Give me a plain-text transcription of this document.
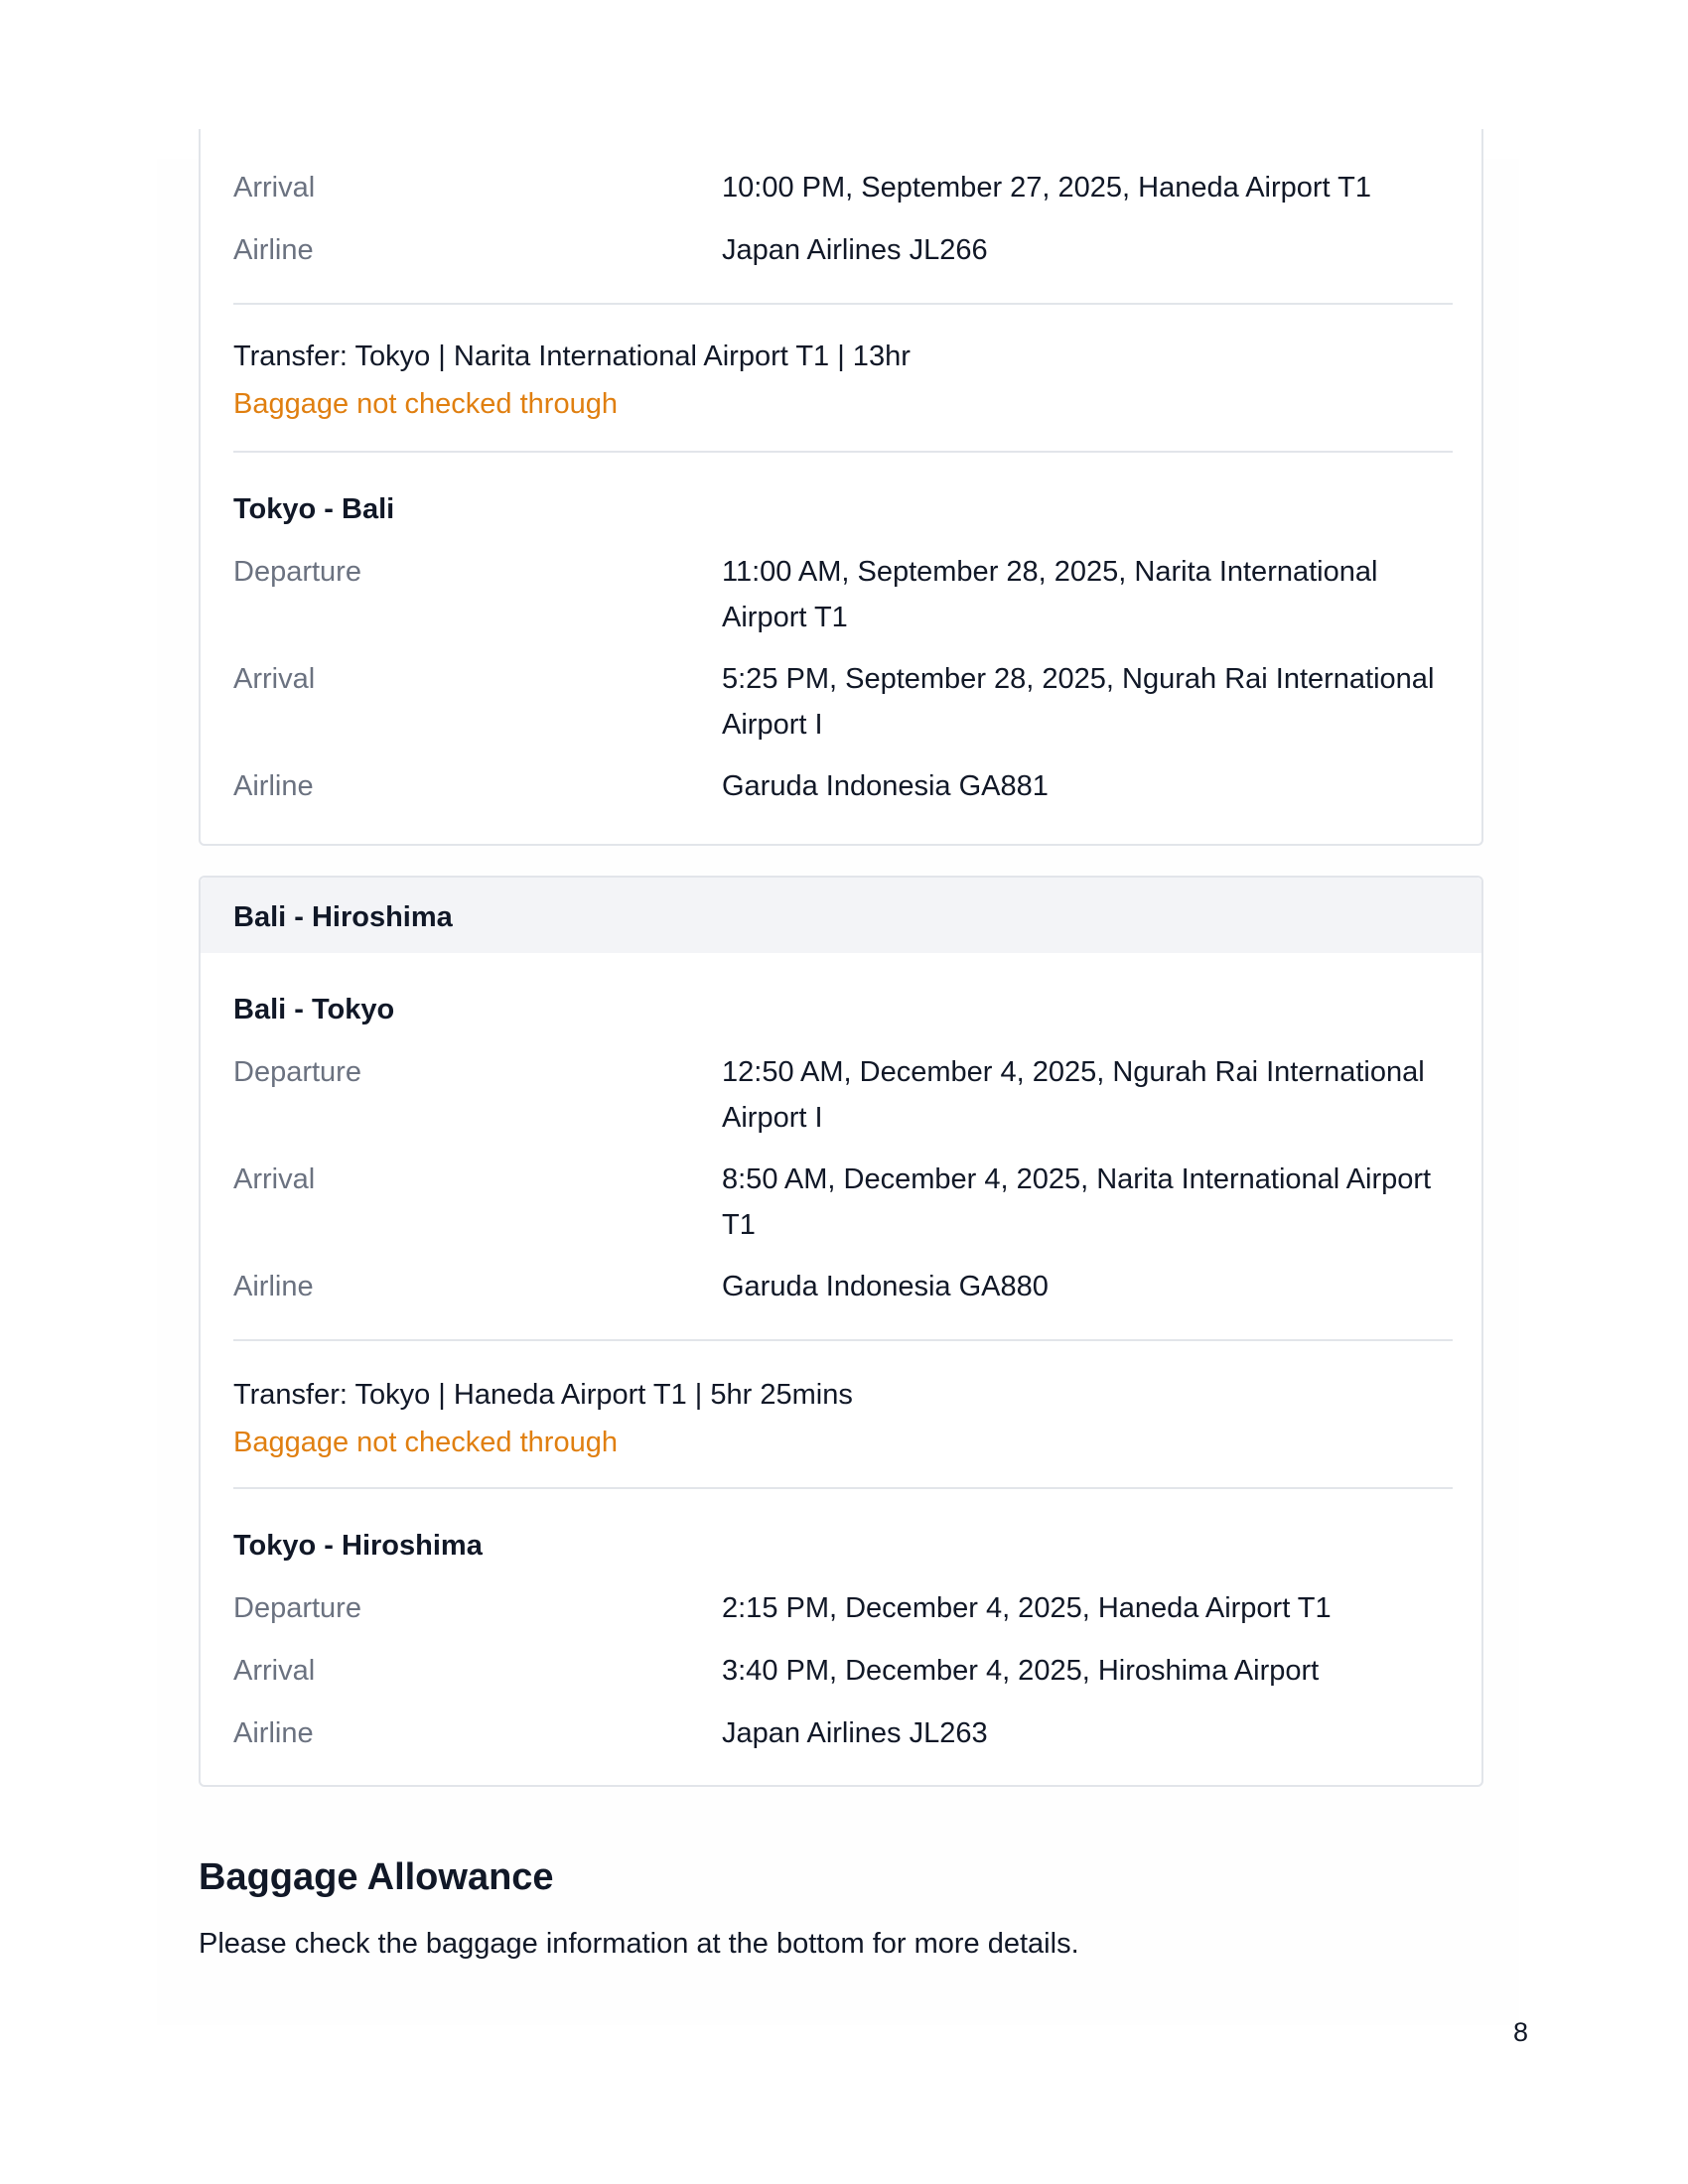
Arrival	10:00 PM, September 27, 2025, Haneda Airport T1
Airline	Japan Airlines JL266
Transfer: Tokyo | Narita International Airport T1 | 13hr
Baggage not checked through
Tokyo - Bali
Departure	11:00 AM, September 28, 2025, Narita International Airport T1
Arrival	5:25 PM, September 28, 2025, Ngurah Rai International Airport I
Airline	Garuda Indonesia GA881
Bali - Hiroshima
Bali - Tokyo
Departure	12:50 AM, December 4, 2025, Ngurah Rai International Airport I
Arrival	8:50 AM, December 4, 2025, Narita International Airport T1
Airline	Garuda Indonesia GA880
Transfer: Tokyo | Haneda Airport T1 | 5hr 25mins
Baggage not checked through
Tokyo - Hiroshima
Departure	2:15 PM, December 4, 2025, Haneda Airport T1
Arrival	3:40 PM, December 4, 2025, Hiroshima Airport
Airline	Japan Airlines JL263
Baggage Allowance
Please check the baggage information at the bottom for more details.
8
